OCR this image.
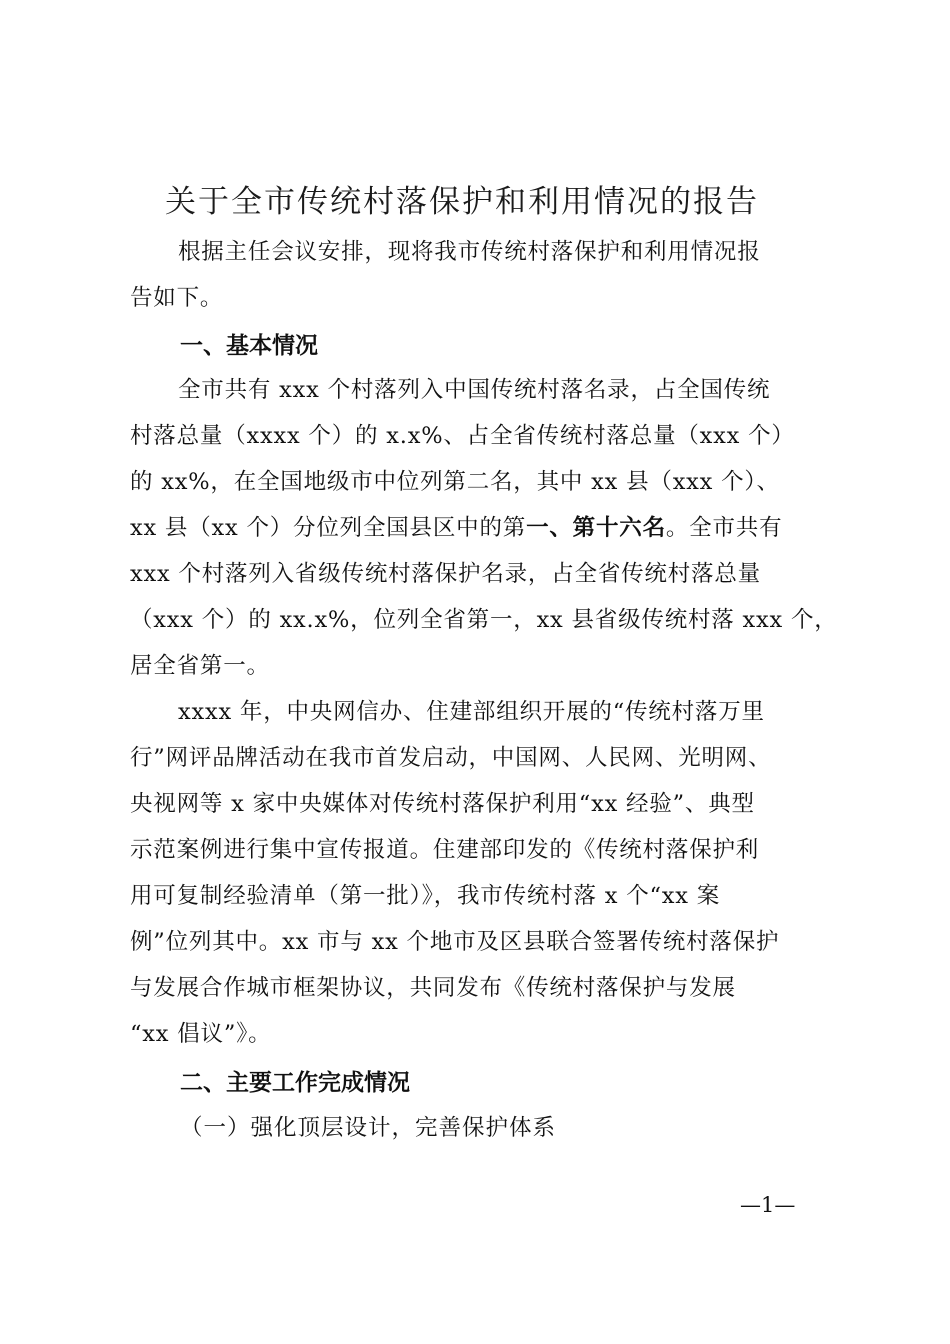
关于全市传统村落保护和利用情况的报告
根据主任会议安排，现将我市传统村落保护和利用情况报
告如下。
一、基本情况
全市共有 xxx 个村落列入中国传统村落名录，占全国传统
村落总量（xxxx 个）的 x.x%、占全省传统村落总量（xxx 个）
的 xx%，在全国地级市中位列第二名，其中 xx 县（xxx 个）、
xx 县（xx 个）分位列全国县区中的第一、第十六名。全市共有
xxx 个村落列入省级传统村落保护名录，占全省传统村落总量
（xxx 个）的 xx.x%，位列全省第一，xx 县省级传统村落 xxx 个，
居全省第一。
xxxx 年，中央网信办、住建部组织开展的“传统村落万里
行”网评品牌活动在我市首发启动，中国网、人民网、光明网、
央视网等 x 家中央媒体对传统村落保护利用“xx 经验”、典型
示范案例进行集中宣传报道。住建部印发的《传统村落保护利
用可复制经验清单（第一批）》，我市传统村落 x 个“xx 案
例”位列其中。xx 市与 xx 个地市及区县联合签署传统村落保护
与发展合作城市框架协议，共同发布《传统村落保护与发展
“xx 倡议”》。
二、主要工作完成情况
（一）强化顶层设计，完善保护体系
—1—
